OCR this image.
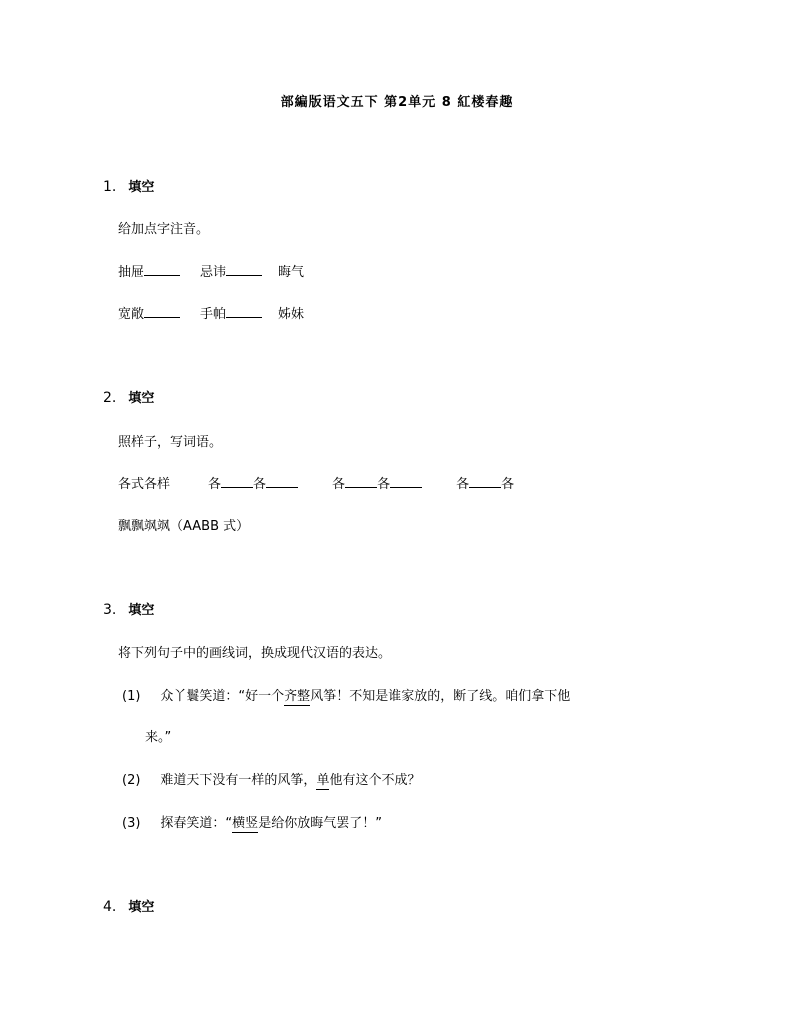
部編版语文五下 第2单元 8 紅楼春趣
1. 填空
给加点字注音。
抽屉	忌讳	晦气
宽敞	手帕	姊妹
2. 填空
照样子，写词语。
各式各样	各 各	各 各	各 各
飘飘飒飒（AABB 式）
3. 填空
将下列句子中的画线词，换成现代汉语的表达。
(1) 众丫鬟笑道：“好一个齐整风筝！不知是谁家放的，断了线。咱们拿下他
来。”
(2) 难道天下没有一样的风筝，单他有这个不成？
(3) 探春笑道：“横竖是给你放晦气罢了！”
4. 填空
